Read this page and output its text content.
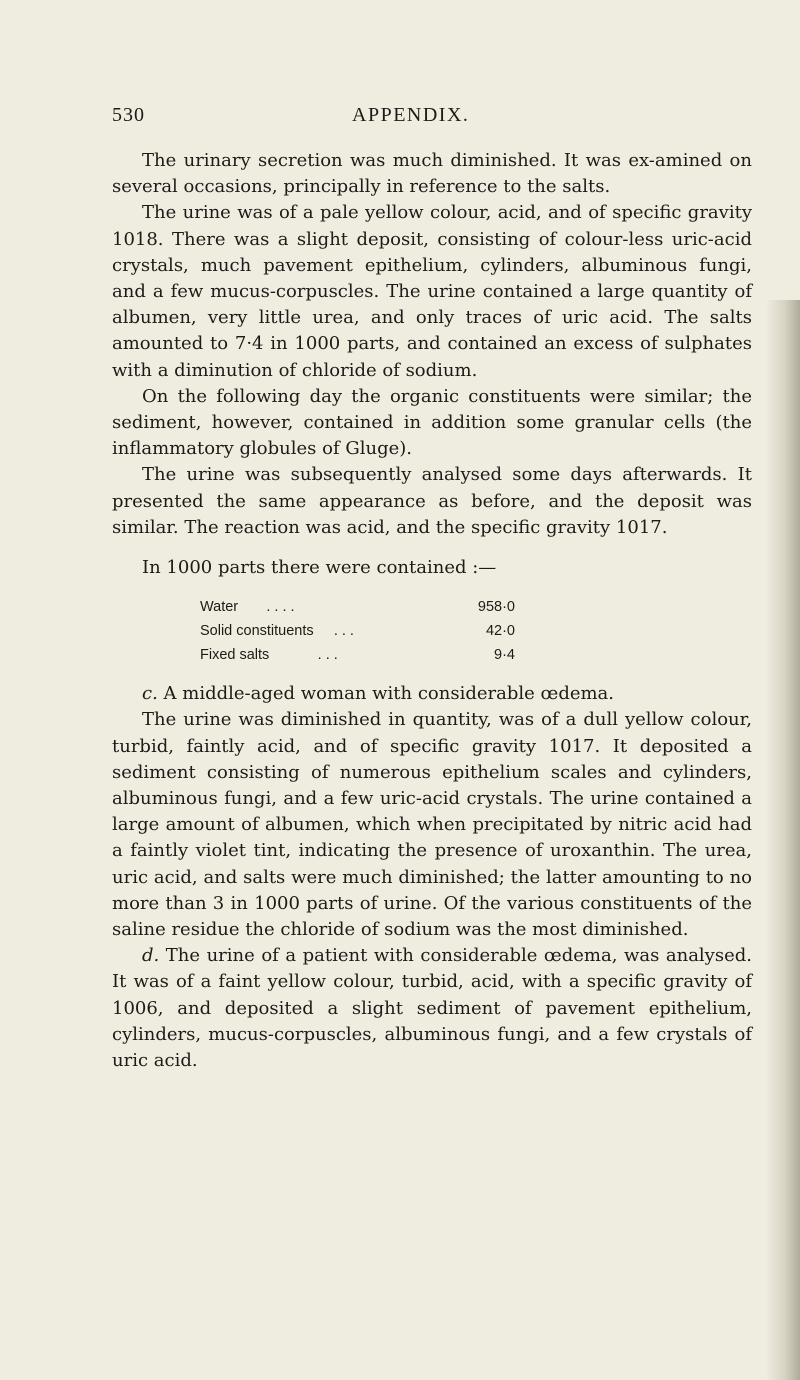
530	APPENDIX.

The urinary secretion was much diminished. It was ex-amined on several occasions, principally in reference to the salts.

The urine was of a pale yellow colour, acid, and of specific gravity 1018. There was a slight deposit, consisting of colour-less uric-acid crystals, much pavement epithelium, cylinders, albuminous fungi, and a few mucus-corpuscles. The urine contained a large quantity of albumen, very little urea, and only traces of uric acid. The salts amounted to 7·4 in 1000 parts, and contained an excess of sulphates with a diminution of chloride of sodium.

On the following day the organic constituents were similar; the sediment, however, contained in addition some granular cells (the inflammatory globules of Gluge).

The urine was subsequently analysed some days afterwards. It presented the same appearance as before, and the deposit was similar. The reaction was acid, and the specific gravity 1017.

In 1000 parts there were contained :—

Water . . . .	958·0
Solid constituents . . .	42·0
Fixed salts . . .	9·4

c. A middle-aged woman with considerable œdema.

The urine was diminished in quantity, was of a dull yellow colour, turbid, faintly acid, and of specific gravity 1017. It deposited a sediment consisting of numerous epithelium scales and cylinders, albuminous fungi, and a few uric-acid crystals. The urine contained a large amount of albumen, which when precipitated by nitric acid had a faintly violet tint, indicating the presence of uroxanthin. The urea, uric acid, and salts were much diminished; the latter amounting to no more than 3 in 1000 parts of urine. Of the various constituents of the saline residue the chloride of sodium was the most diminished.

d. The urine of a patient with considerable œdema, was analysed. It was of a faint yellow colour, turbid, acid, with a specific gravity of 1006, and deposited a slight sediment of pavement epithelium, cylinders, mucus-corpuscles, albuminous fungi, and a few crystals of uric acid.
